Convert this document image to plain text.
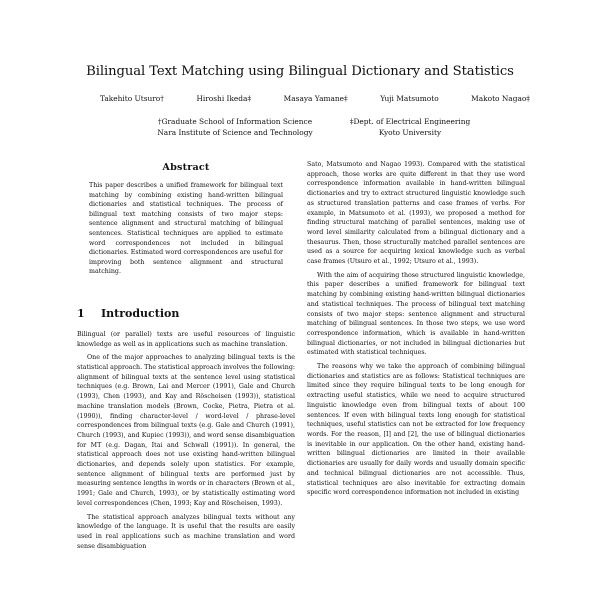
Bilingual Text Matching using Bilingual Dictionary and Statistics
Takehito Utsuro†	Hiroshi Ikeda‡	Masaya Yamane‡	Yuji Matsumoto	Makoto Nagao‡
†Graduate School of Information Science
Nara Institute of Science and Technology
‡Dept. of Electrical Engineering
Kyoto University
Abstract

This paper describes a unified framework for bilingual text matching by combining existing hand-written bilingual dictionaries and statistical techniques. The process of bilingual text matching consists of two major steps: sentence alignment and structural matching of bilingual sentences. Statistical techniques are applied to estimate word correspondences not included in bilingual dictionaries. Estimated word correspondences are useful for improving both sentence alignment and structural matching.

1 Introduction

Bilingual (or parallel) texts are useful resources of linguistic knowledge as well as in applications such as machine translation.

One of the major approaches to analyzing bilingual texts is the statistical approach. The statistical approach involves the following: alignment of bilingual texts at the sentence level using statistical techniques (e.g. Brown, Lai and Mercer (1991), Gale and Church (1993), Chen (1993), and Kay and Röscheisen (1993)), statistical machine translation models (Brown, Cocke, Pietra, Pietra et al. (1990)), finding character-level / word-level / phrase-level correspondences from bilingual texts (e.g. Gale and Church (1991), Church (1993), and Kupiec (1993)), and word sense disambiguation for MT (e.g. Dagan, Itai and Schwall (1991)). In general, the statistical approach does not use existing hand-written bilingual dictionaries, and depends solely upon statistics. For example, sentence alignment of bilingual texts are performed just by measuring sentence lengths in words or in characters (Brown et al., 1991; Gale and Church, 1993), or by statistically estimating word level correspondences (Chen, 1993; Kay and Röscheisen, 1993).

The statistical approach analyzes bilingual texts without any knowledge of the language. It is useful that the results are easily used in real applications such as machine translation and word sense disambiguation

Sato, Matsumoto and Nagao 1993). Compared with the statistical approach, those works are quite different in that they use word correspondence information available in hand-written bilingual dictionaries and try to extract structured linguistic knowledge such as structured translation patterns and case frames of verbs. For example, in Matsumoto et al. (1993), we proposed a method for finding structural matching of parallel sentences, making use of word level similarity calculated from a bilingual dictionary and a thesaurus. Then, those structurally matched parallel sentences are used as a source for acquiring lexical knowledge such as verbal case frames (Utsuro et al., 1992; Utsuro et al., 1993).

With the aim of acquiring those structured linguistic knowledge, this paper describes a unified framework for bilingual text matching by combining existing hand-written bilingual dictionaries and statistical techniques. The process of bilingual text matching consists of two major steps: sentence alignment and structural matching of bilingual sentences. In those two steps, we use word correspondence information, which is available in hand-written bilingual dictionaries, or not included in bilingual dictionaries but estimated with statistical techniques.

The reasons why we take the approach of combining bilingual dictionaries and statistics are as follows: Statistical techniques are limited since they require bilingual texts to be long enough for extracting useful statistics, while we need to acquire structured linguistic knowledge even from bilingual texts of about 100 sentences. If even with bilingual texts long enough for statistical techniques, useful statistics can not be extracted for low frequency words. For the reason, [I] and [2], the use of bilingual dictionaries is inevitable in our application. On the other hand, existing hand-written bilingual dictionaries are limited in their available dictionaries are usually for daily words and usually domain specific and technical bilingual dictionaries are not accessible. Thus, statistical techniques are also inevitable for extracting domain specific word correspondence information not included in existing
